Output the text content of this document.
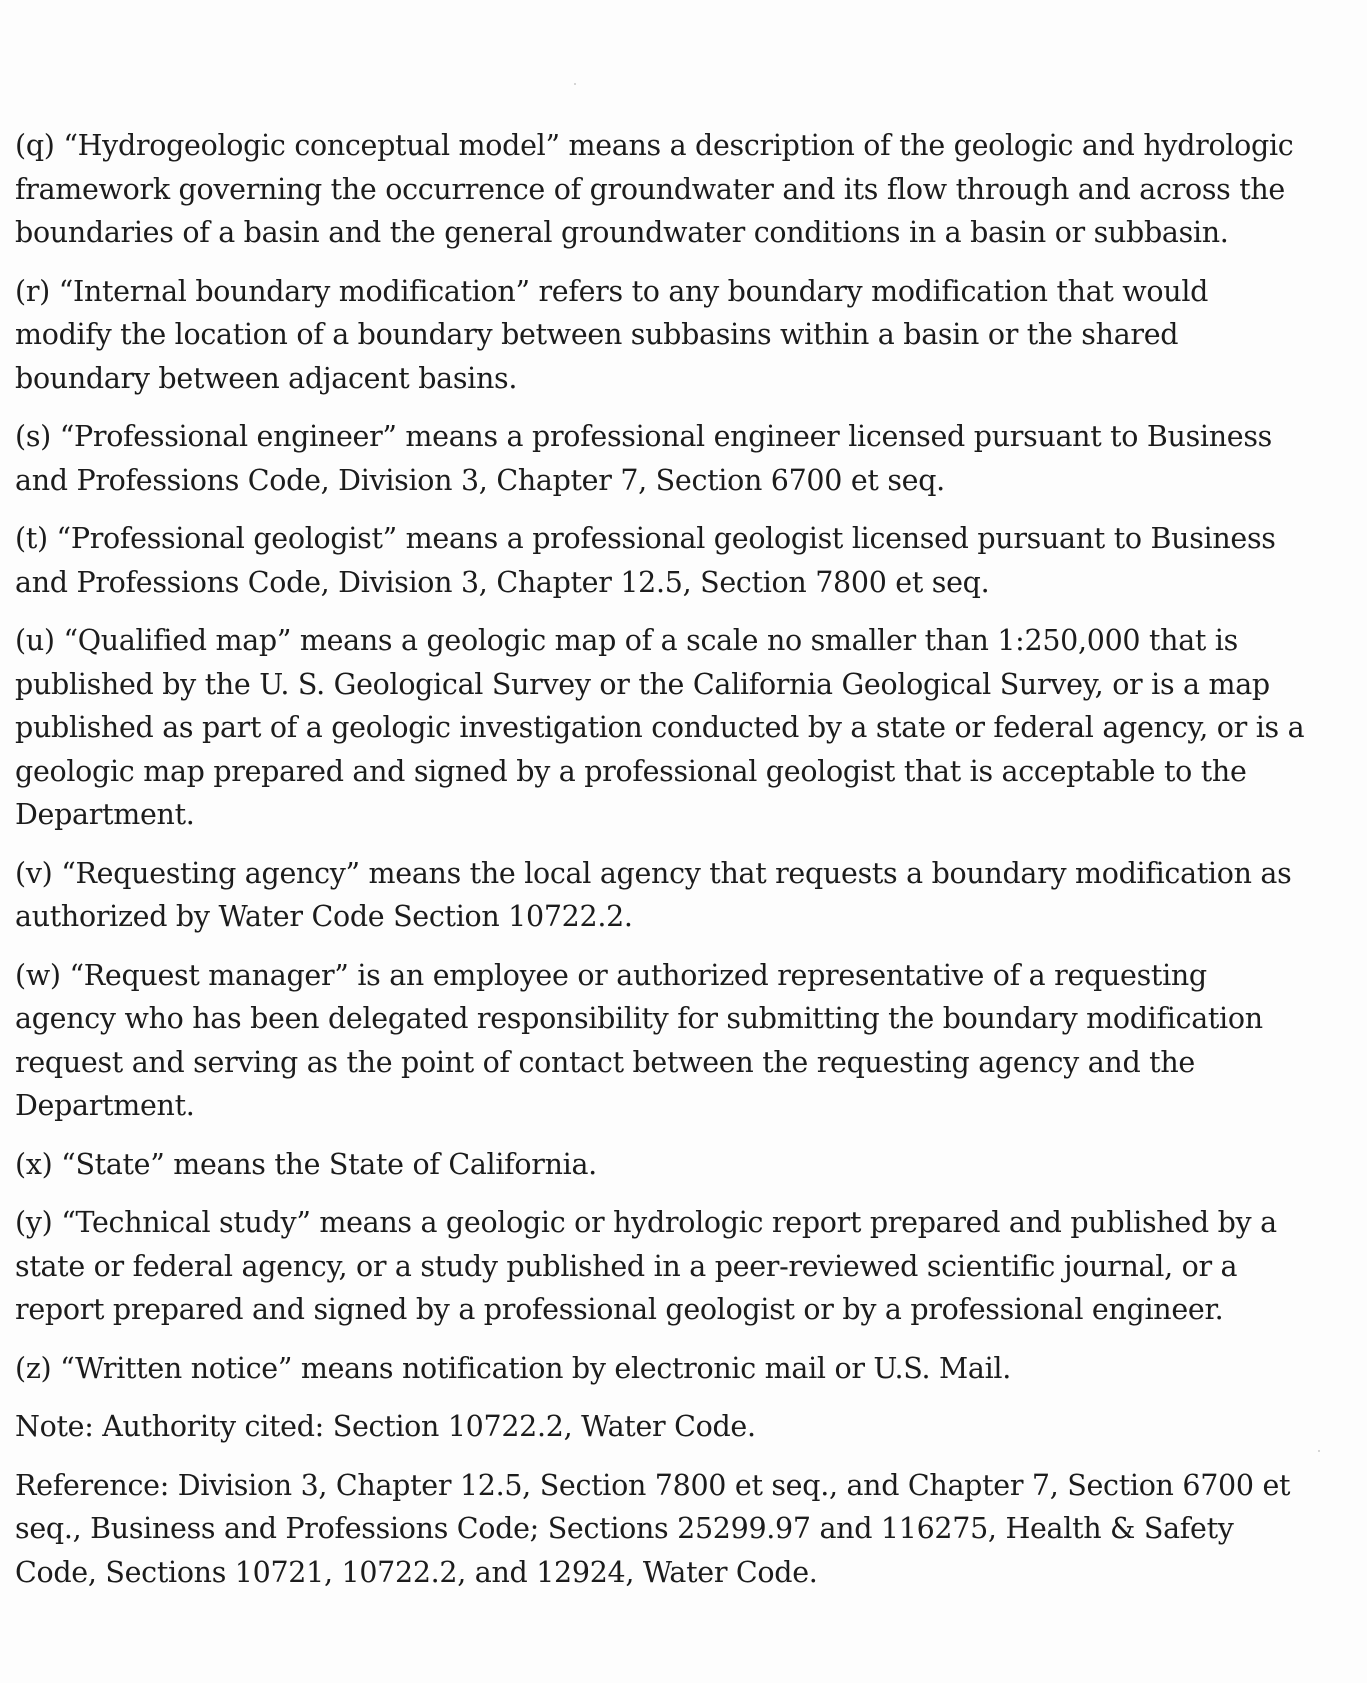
(q) “Hydrogeologic conceptual model” means a description of the geologic and hydrologic framework governing the occurrence of groundwater and its flow through and across the boundaries of a basin and the general groundwater conditions in a basin or subbasin.

(r) “Internal boundary modification” refers to any boundary modification that would modify the location of a boundary between subbasins within a basin or the shared boundary between adjacent basins.

(s) “Professional engineer” means a professional engineer licensed pursuant to Business and Professions Code, Division 3, Chapter 7, Section 6700 et seq.

(t) “Professional geologist” means a professional geologist licensed pursuant to Business and Professions Code, Division 3, Chapter 12.5, Section 7800 et seq.

(u) “Qualified map” means a geologic map of a scale no smaller than 1:250,000 that is published by the U. S. Geological Survey or the California Geological Survey, or is a map published as part of a geologic investigation conducted by a state or federal agency, or is a geologic map prepared and signed by a professional geologist that is acceptable to the Department.

(v) “Requesting agency” means the local agency that requests a boundary modification as authorized by Water Code Section 10722.2.

(w) “Request manager” is an employee or authorized representative of a requesting agency who has been delegated responsibility for submitting the boundary modification request and serving as the point of contact between the requesting agency and the Department.

(x) “State” means the State of California.

(y) “Technical study” means a geologic or hydrologic report prepared and published by a state or federal agency, or a study published in a peer-reviewed scientific journal, or a report prepared and signed by a professional geologist or by a professional engineer.

(z) “Written notice” means notification by electronic mail or U.S. Mail.

Note: Authority cited: Section 10722.2, Water Code.

Reference: Division 3, Chapter 12.5, Section 7800 et seq., and Chapter 7, Section 6700 et seq., Business and Professions Code; Sections 25299.97 and 116275, Health & Safety Code, Sections 10721, 10722.2, and 12924, Water Code.
